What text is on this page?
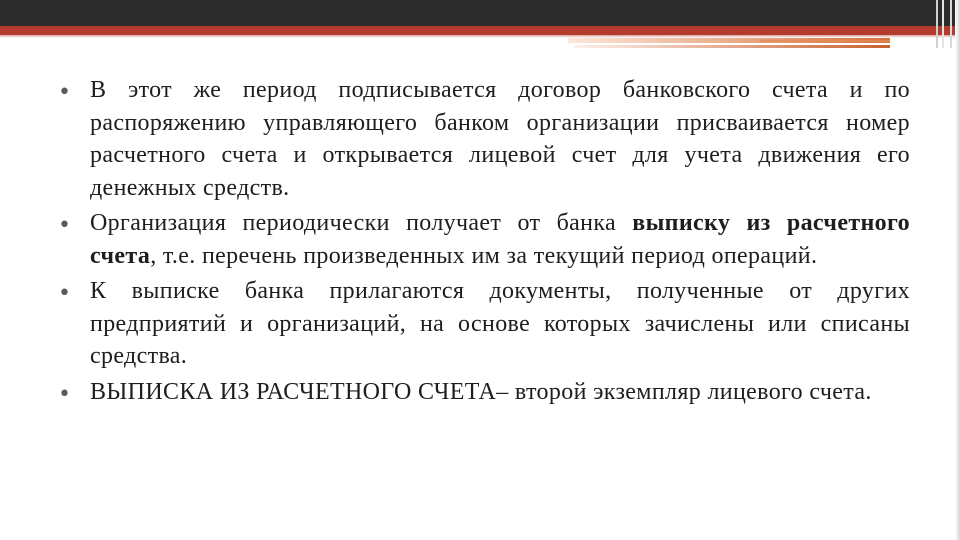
• В этот же период подписывается договор банковского счета и по распоряжению управляющего банком организации присваивается номер расчетного счета и открывается лицевой счет для учета движения его денежных средств.
• Организация периодически получает от банка выписку из расчетного счета, т.е. перечень произведенных им за текущий период операций.
• К выписке банка прилагаются документы, полученные от других предприятий и организаций, на основе которых зачислены или списаны средства.
• ВЫПИСКА ИЗ РАСЧЕТНОГО СЧЕТА– второй экземпляр лицевого счета.
